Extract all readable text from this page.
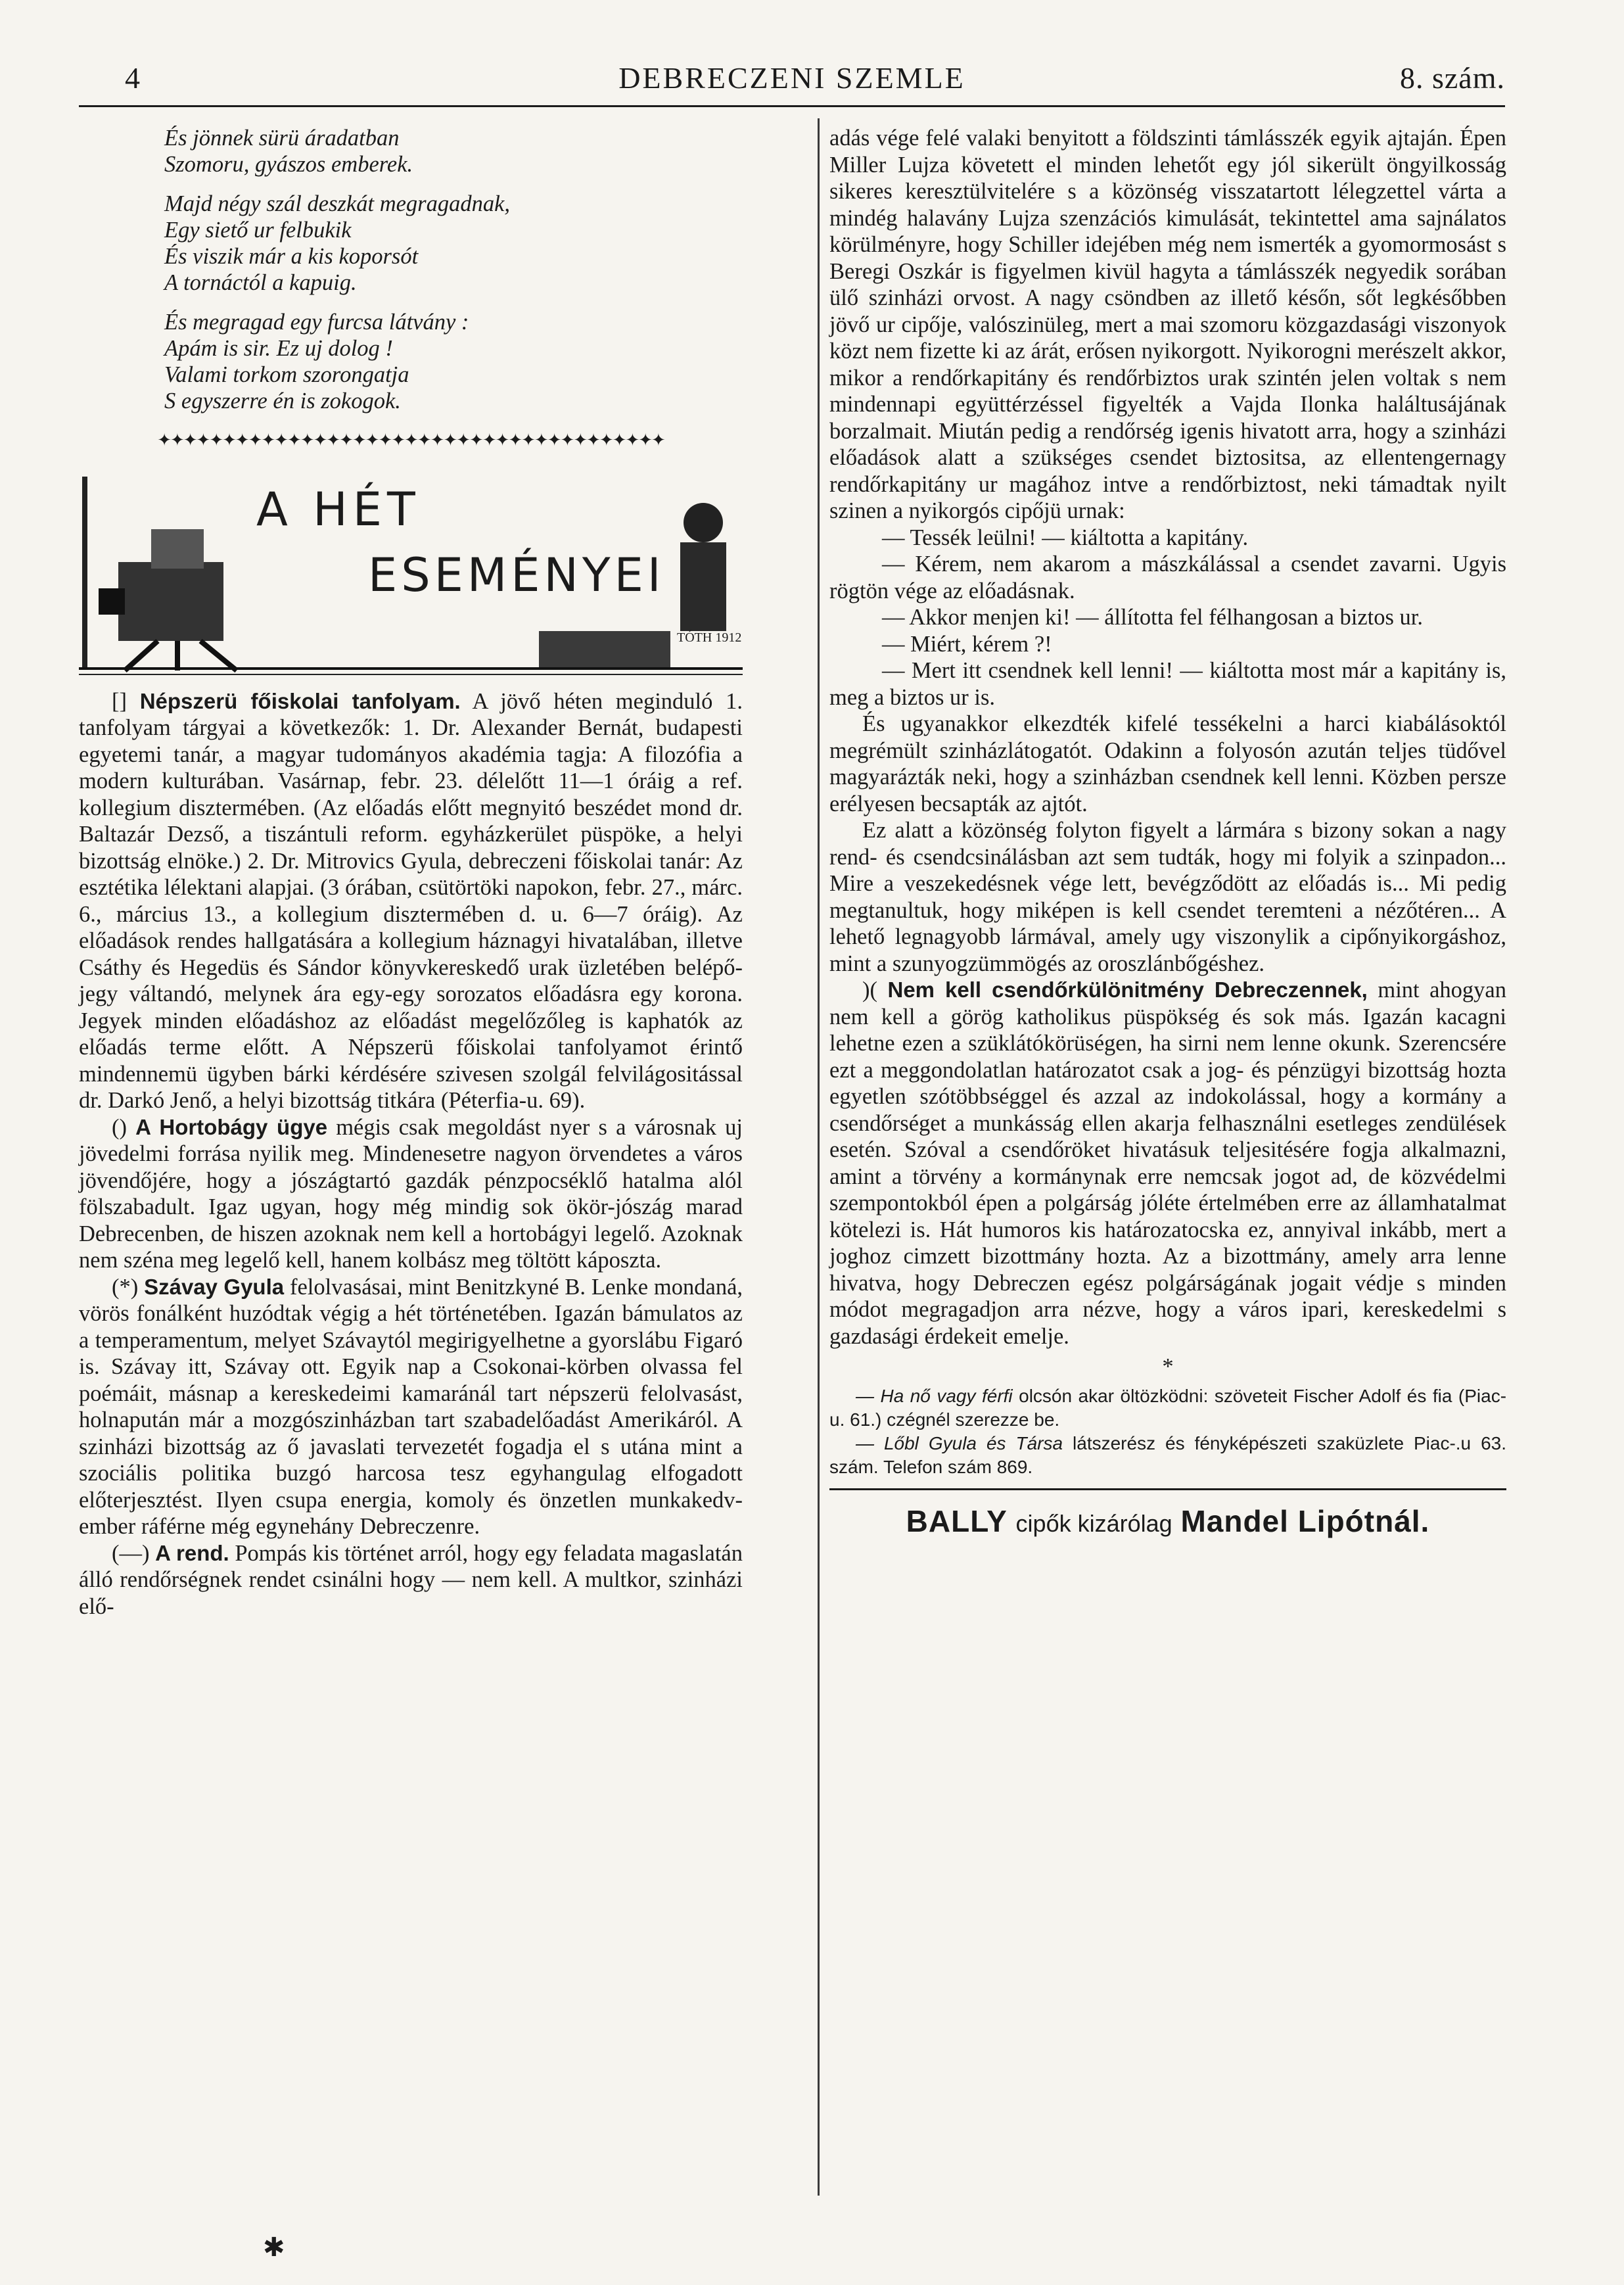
4	DEBRECZENI SZEMLE	8. szám.
És jönnek sürü áradatban
Szomoru, gyászos emberek.
Majd négy szál deszkát megragadnak,
Egy siető ur felbukik
És viszik már a kis koporsót
A tornáctól a kapuig.
És megragad egy furcsa látvány :
Apám is sir. Ez uj dolog !
Valami torkom szorongatja
S egyszerre én is zokogok.
✦✦✦✦✦✦✦✦✦✦✦✦✦✦✦✦✦✦✦✦✦✦✦✦✦✦✦✦✦✦✦✦✦✦✦✦✦✦✦
A HÉT
ESEMÉNYEI
TÓTH 1912

[] Népszerü főiskolai tanfolyam. A jövő héten meginduló 1. tanfolyam tárgyai a következők: 1. Dr. Alexander Bernát, budapesti egyetemi tanár, a magyar tudományos akadémia tagja: A filozófia a modern kulturában. Vasárnap, febr. 23. délelőtt 11—1 óráig a ref. kollegium disztermében. (Az előadás előtt megnyitó beszédet mond dr. Baltazár Dezső, a tiszántuli reform. egyházkerület püspöke, a helyi bizottság elnöke.) 2. Dr. Mitrovics Gyula, debreczeni főiskolai tanár: Az esztétika lélektani alapjai. (3 órában, csütörtöki napokon, febr. 27., márc. 6., március 13., a kollegium disztermében d. u. 6—7 óráig). Az előadások rendes hallgatására a kollegium háznagyi hivatalában, illetve Csáthy és Hegedüs és Sándor könyvkereskedő urak üzletében belépő-jegy váltandó, melynek ára egy-egy sorozatos előadásra egy korona. Jegyek minden előadáshoz az előadást megelőzőleg is kaphatók az előadás terme előtt. A Népszerü főiskolai tanfolyamot érintő mindennemü ügyben bárki kérdésére szivesen szolgál felvilágositással dr. Darkó Jenő, a helyi bizottság titkára (Péterfia-u. 69).

() A Hortobágy ügye mégis csak megoldást nyer s a városnak uj jövedelmi forrása nyilik meg. Mindenesetre nagyon örvendetes a város jövendőjére, hogy a jószágtartó gazdák pénzpocséklő hatalma alól fölszabadult. Igaz ugyan, hogy még mindig sok ökör-jószág marad Debrecenben, de hiszen azoknak nem kell a hortobágyi legelő. Azoknak nem széna meg legelő kell, hanem kolbász meg töltött káposzta.

(*) Szávay Gyula felolvasásai, mint Benitzkyné B. Lenke mondaná, vörös fonálként huzódtak végig a hét történetében. Igazán bámulatos az a temperamentum, melyet Szávaytól megirigyelhetne a gyorslábu Figaró is. Szávay itt, Szávay ott. Egyik nap a Csokonai-körben olvassa fel poémáit, másnap a kereskedeimi kamaránál tart népszerü felolvasást, holnapután már a mozgószinházban tart szabadelőadást Amerikáról. A szinházi bizottság az ő javaslati tervezetét fogadja el s utána mint a szociális politika buzgó harcosa tesz egyhangulag elfogadott előterjesztést. Ilyen csupa energia, komoly és önzetlen munkakedv-ember ráférne még egynehány Debreczenre.

(—) A rend. Pompás kis történet arról, hogy egy feladata magaslatán álló rendőrségnek rendet csinálni hogy — nem kell. A multkor, szinházi elő-

adás vége felé valaki benyitott a földszinti támlásszék egyik ajtaján. Épen Miller Lujza követett el minden lehetőt egy jól sikerült öngyilkosság sikeres keresztülvitelére s a közönség visszatartott lélegzettel várta a mindég halavány Lujza szenzációs kimulását, tekintettel ama sajnálatos körülményre, hogy Schiller idejében még nem ismerték a gyomormosást s Beregi Oszkár is figyelmen kivül hagyta a támlásszék negyedik sorában ülő szinházi orvost. A nagy csöndben az illető későn, sőt legkésőbben jövő ur cipője, valószinüleg, mert a mai szomoru közgazdasági viszonyok közt nem fizette ki az árát, erősen nyikorgott. Nyikorogni merészelt akkor, mikor a rendőrkapitány és rendőrbiztos urak szintén jelen voltak s nem mindennapi együttérzéssel figyelték a Vajda Ilonka haláltusájának borzalmait. Miután pedig a rendőrség igenis hivatott arra, hogy a szinházi előadások alatt a szükséges csendet biztositsa, az ellentengernagy rendőrkapitány ur magához intve a rendőrbiztost, neki támadtak nyilt szinen a nyikorgós cipőjü urnak:

— Tessék leülni! — kiáltotta a kapitány.

— Kérem, nem akarom a mászkálással a csendet zavarni. Ugyis rögtön vége az előadásnak.

— Akkor menjen ki! — állította fel félhangosan a biztos ur.

— Miért, kérem ?!

— Mert itt csendnek kell lenni! — kiáltotta most már a kapitány is, meg a biztos ur is.

És ugyanakkor elkezdték kifelé tessékelni a harci kiabálásoktól megrémült szinházlátogatót. Odakinn a folyosón azután teljes tüdővel magyarázták neki, hogy a szinházban csendnek kell lenni. Közben persze erélyesen becsapták az ajtót.

Ez alatt a közönség folyton figyelt a lármára s bizony sokan a nagy rend- és csendcsinálásban azt sem tudták, hogy mi folyik a szinpadon... Mire a veszekedésnek vége lett, bevégződött az előadás is... Mi pedig megtanultuk, hogy miképen is kell csendet teremteni a nézőtéren... A lehető legnagyobb lármával, amely ugy viszonylik a cipőnyikorgáshoz, mint a szunyogzümmögés az oroszlánbőgéshez.

)( Nem kell csendőrkülönitmény Debreczennek, mint ahogyan nem kell a görög katholikus püspökség és sok más. Igazán kacagni lehetne ezen a szüklátókörüségen, ha sirni nem lenne okunk. Szerencsére ezt a meggondolatlan határozatot csak a jog- és pénzügyi bizottság hozta egyetlen szótöbbséggel és azzal az indokolással, hogy a kormány a csendőrséget a munkásság ellen akarja felhasználni esetleges zendülések esetén. Szóval a csendőröket hivatásuk teljesitésére fogja alkalmazni, amint a törvény a kormánynak erre nemcsak jogot ad, de közvédelmi szempontokból épen a polgárság jóléte értelmében erre az államhatalmat kötelezi is. Hát humoros kis határozatocska ez, annyival inkább, mert a joghoz cimzett bizottmány hozta. Az a bizottmány, amely arra lenne hivatva, hogy Debreczen egész polgárságának jogait védje s minden módot megragadjon arra nézve, hogy a város ipari, kereskedelmi s gazdasági érdekeit emelje.

*

— Ha nő vagy férfi olcsón akar öltözködni: szöveteit Fischer Adolf és fia (Piac-u. 61.) czégnél szerezze be.

— Lőbl Gyula és Társa látszerész és fényképészeti szaküzlete Piac-.u 63. szám. Telefon szám 869.

BALLY cipők kizárólag Mandel Lipótnál.
✱
